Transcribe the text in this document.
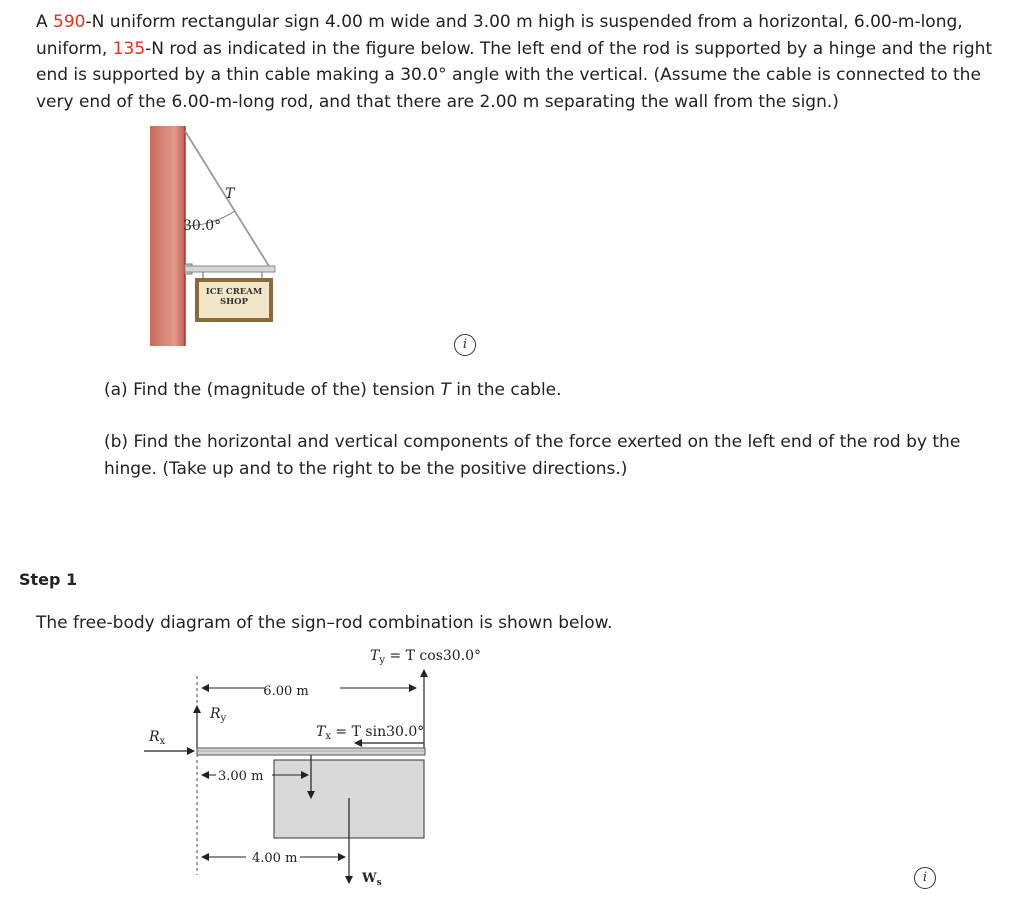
A 590-N uniform rectangular sign 4.00 m wide and 3.00 m high is suspended from a horizontal, 6.00-m-long, uniform, 135-N rod as indicated in the figure below. The left end of the rod is supported by a hinge and the right end is supported by a thin cable making a 30.0° angle with the vertical. (Assume the cable is connected to the very end of the 6.00-m-long rod, and that there are 2.00 m separating the wall from the sign.)
T
30.0°
ICE CREAM
SHOP
i
(a) Find the (magnitude of the) tension T in the cable.
(b) Find the horizontal and vertical components of the force exerted on the left end of the rod by the hinge. (Take up and to the right to be the positive directions.)
Step 1
The free-body diagram of the sign–rod combination is shown below.
$T_y = T$ cos30.0°
6.00 m
$R_y$
$R_x$
$T_x = T$ sin30.0°
3.00 m
4.00 m
$W_s$	i
